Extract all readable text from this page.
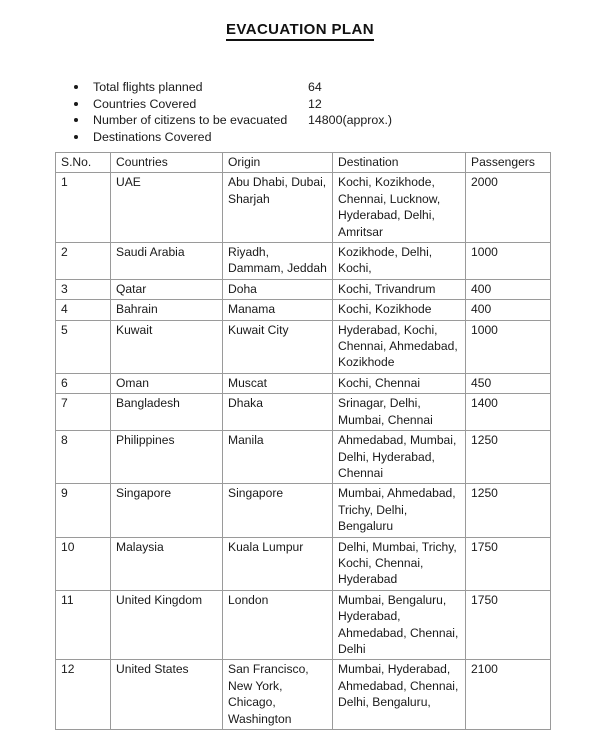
EVACUATION PLAN
Total flights planned	64
Countries Covered	12
Number of citizens to be evacuated 14800(approx.)
Destinations Covered
S.No.	Countries	Origin	Destination	Passengers
1	UAE	Abu Dhabi, Dubai, Sharjah	Kochi, Kozikhode, Chennai, Lucknow, Hyderabad, Delhi, Amritsar	2000
2	Saudi Arabia	Riyadh, Dammam, Jeddah	Kozikhode, Delhi, Kochi,	1000
3	Qatar	Doha	Kochi, Trivandrum	400
4	Bahrain	Manama	Kochi, Kozikhode	400
5	Kuwait	Kuwait City	Hyderabad, Kochi, Chennai, Ahmedabad, Kozikhode	1000
6	Oman	Muscat	Kochi, Chennai	450
7	Bangladesh	Dhaka	Srinagar, Delhi, Mumbai, Chennai	1400
8	Philippines	Manila	Ahmedabad, Mumbai, Delhi, Hyderabad, Chennai	1250
9	Singapore	Singapore	Mumbai, Ahmedabad, Trichy, Delhi, Bengaluru	1250
10	Malaysia	Kuala Lumpur	Delhi, Mumbai, Trichy, Kochi, Chennai, Hyderabad	1750
11	United Kingdom	London	Mumbai, Bengaluru, Hyderabad, Ahmedabad, Chennai, Delhi	1750
12	United States	San Francisco, New York, Chicago, Washington	Mumbai, Hyderabad, Ahmedabad, Chennai, Delhi, Bengaluru,	2100
